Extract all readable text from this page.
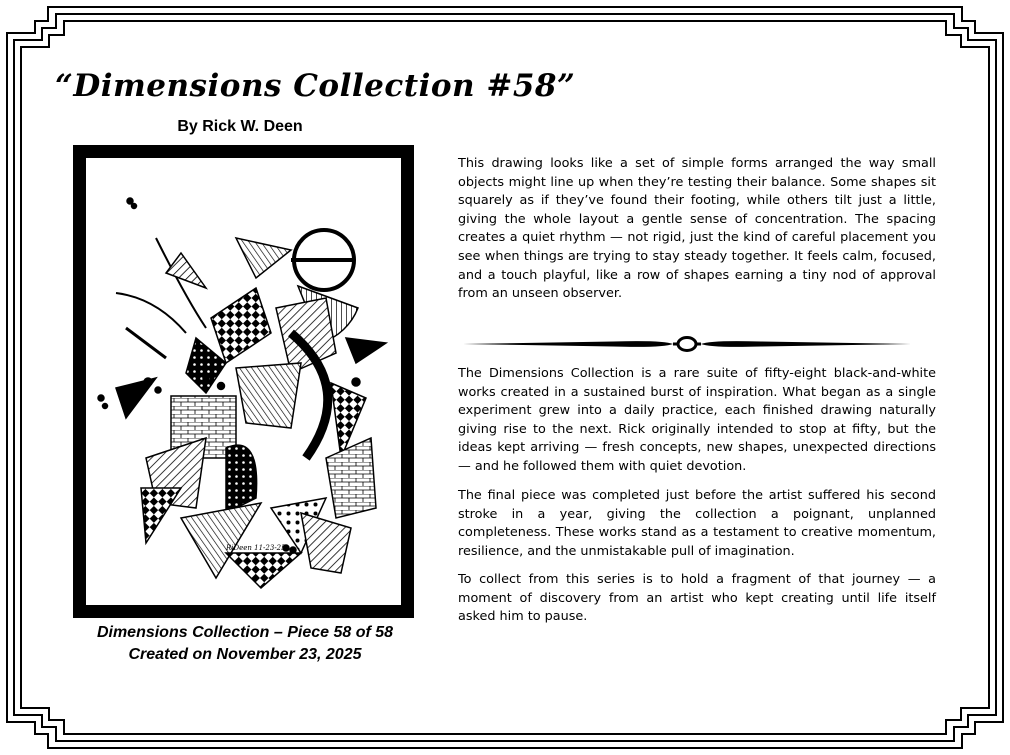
“Dimensions Collection #58”
By Rick W. Deen
RiDeen 11-23-25
Dimensions Collection – Piece 58 of 58
Created on November 23, 2025
This drawing looks like a set of simple forms arranged the way small objects might line up when they’re testing their balance. Some shapes sit squarely as if they’ve found their footing, while others tilt just a little, giving the whole layout a gentle sense of concentration. The spacing creates a quiet rhythm — not rigid, just the kind of careful placement you see when things are trying to stay steady together. It feels calm, focused, and a touch playful, like a row of shapes earning a tiny nod of approval from an unseen observer.
The Dimensions Collection is a rare suite of fifty-eight black-and-white works created in a sustained burst of inspiration. What began as a single experiment grew into a daily practice, each finished drawing naturally giving rise to the next. Rick originally intended to stop at fifty, but the ideas kept arriving — fresh concepts, new shapes, unexpected directions — and he followed them with quiet devotion.
The final piece was completed just before the artist suffered his second stroke in a year, giving the collection a poignant, unplanned completeness. These works stand as a testament to creative momentum, resilience, and the unmistakable pull of imagination.
To collect from this series is to hold a fragment of that journey — a moment of discovery from an artist who kept creating until life itself asked him to pause.
